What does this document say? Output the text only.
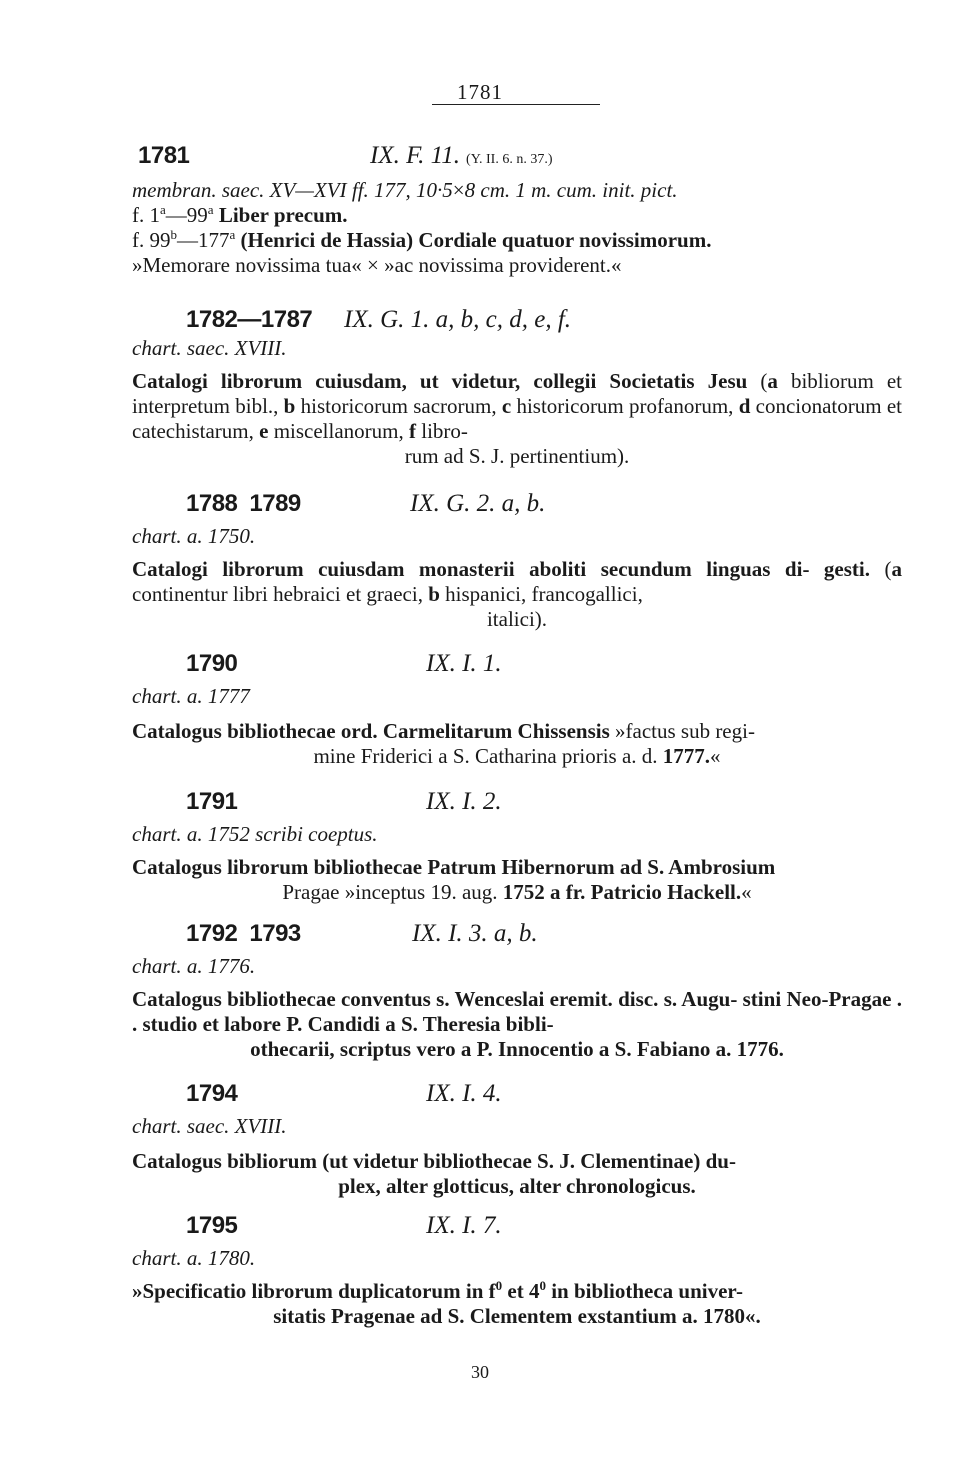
1781
1781	IX. F. 11. (Y. II. 6. n. 37.)
membran. saec. XV—XVI ff. 177, 10·5×8 cm. 1 m. cum. init. pict.
f. 1$^a$—99$^a$ Liber precum.
f. 99$^b$—177$^a$ (Henrici de Hassia) Cordiale quatuor novissimorum.
»Memorare novissima tua« × »ac novissima providerent.«
1782—1787 IX. G. 1. a, b, c, d, e, f.
chart. saec. XVIII.
Catalogi librorum cuiusdam, ut videtur, collegii Societatis Jesu (a bibliorum et interpretum bibl., b historicorum sacrorum, c historicorum profanorum, d concionatorum et catechistarum, e miscellanorum, f libro-
rum ad S. J. pertinentium).
1788 1789	IX. G. 2. a, b.
chart. a. 1750.
Catalogi librorum cuiusdam monasterii aboliti secundum linguas di- gesti. (a continentur libri hebraici et graeci, b hispanici, francogallici,
italici).
1790	IX. I. 1.
chart. a. 1777
Catalogus bibliothecae ord. Carmelitarum Chissensis »factus sub regi-
mine Friderici a S. Catharina prioris a. d. 1777.«
1791	IX. I. 2.
chart. a. 1752 scribi coeptus.
Catalogus librorum bibliothecae Patrum Hibernorum ad S. Ambrosium
Pragae »inceptus 19. aug. 1752 a fr. Patricio Hackell.«
1792 1793	IX. I. 3. a, b.
chart. a. 1776.
Catalogus bibliothecae conventus s. Wenceslai eremit. disc. s. Augu- stini Neo-Pragae . . studio et labore P. Candidi a S. Theresia bibli-
othecarii, scriptus vero a P. Innocentio a S. Fabiano a. 1776.
1794	IX. I. 4.
chart. saec. XVIII.
Catalogus bibliorum (ut videtur bibliothecae S. J. Clementinae) du-
plex, alter glotticus, alter chronologicus.
1795	IX. I. 7.
chart. a. 1780.
»Specificatio librorum duplicatorum in $f^0$ et $4^0$ in bibliotheca univer-
sitatis Pragenae ad S. Clementem exstantium a. 1780«.
30
